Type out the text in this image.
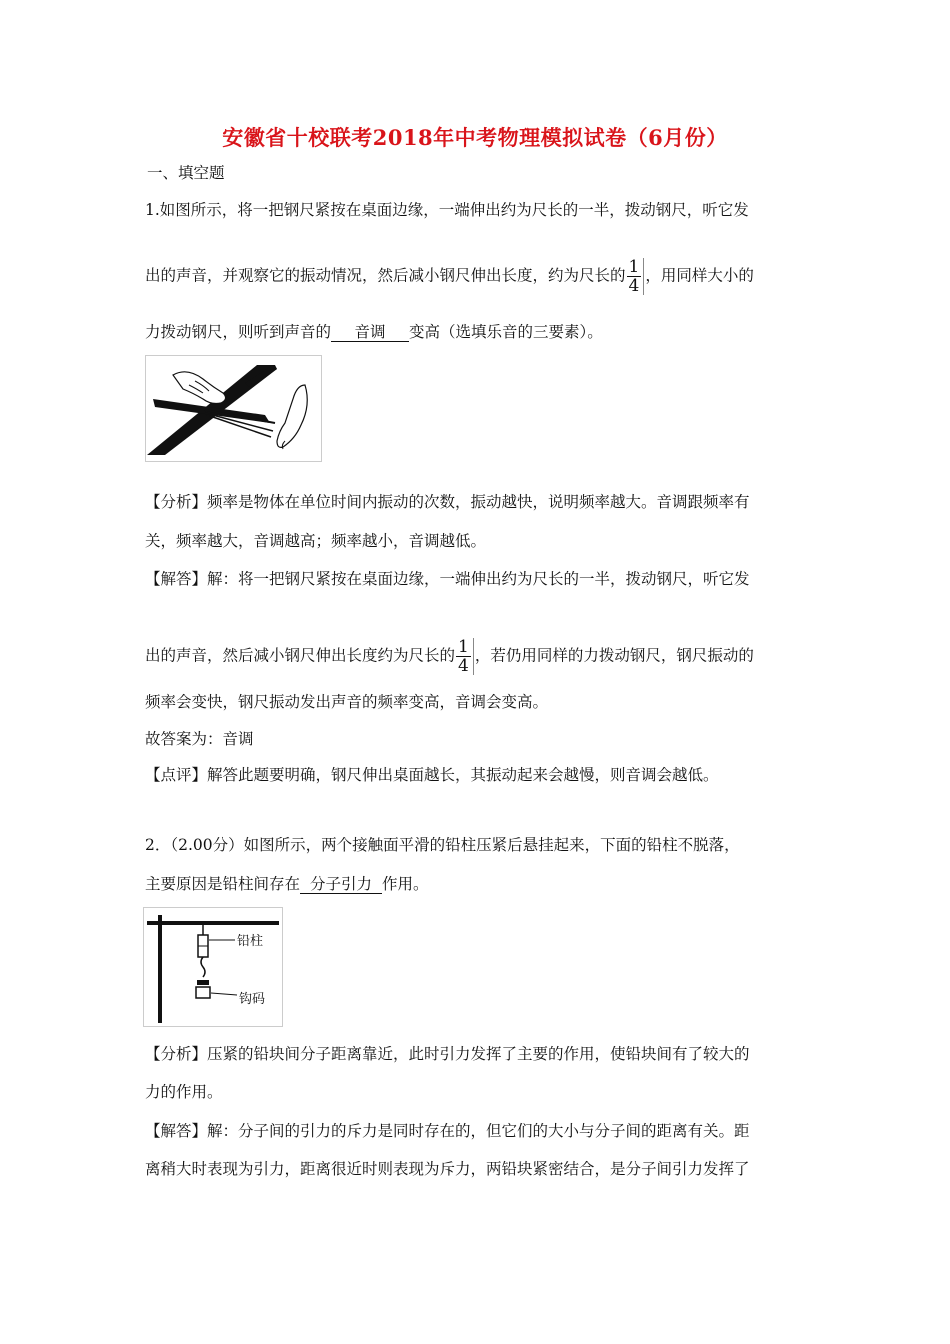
安徽省十校联考2018年中考物理模拟试卷（6月份）
一、填空题
1.如图所示，将一把钢尺紧按在桌面边缘，一端伸出约为尺长的一半，拨动钢尺，听它发
出的声音，并观察它的振动情况，然后减小钢尺伸出长度，约为尺长的 $\frac{1}{4}$ ，用同样大小的
力拨动钢尺，则听到声音的 音调 变高（选填乐音的三要素）。
【分析】频率是物体在单位时间内振动的次数，振动越快，说明频率越大。音调跟频率有
关，频率越大，音调越高；频率越小，音调越低。
【解答】解：将一把钢尺紧按在桌面边缘，一端伸出约为尺长的一半，拨动钢尺，听它发
出的声音，然后减小钢尺伸出长度约为尺长的 $\frac{1}{4}$ ，若仍用同样的力拨动钢尺，钢尺振动的
频率会变快，钢尺振动发出声音的频率变高，音调会变高。
故答案为：音调
【点评】解答此题要明确，钢尺伸出桌面越长，其振动起来会越慢，则音调会越低。
2．（2.00分）如图所示，两个接触面平滑的铅柱压紧后悬挂起来，下面的铅柱不脱落，
主要原因是铅柱间存在 分子引力 作用。
铅柱
钩码
【分析】压紧的铅块间分子距离靠近，此时引力发挥了主要的作用，使铅块间有了较大的
力的作用。
【解答】解：分子间的引力的斥力是同时存在的，但它们的大小与分子间的距离有关。距
离稍大时表现为引力，距离很近时则表现为斥力，两铅块紧密结合，是分子间引力发挥了
